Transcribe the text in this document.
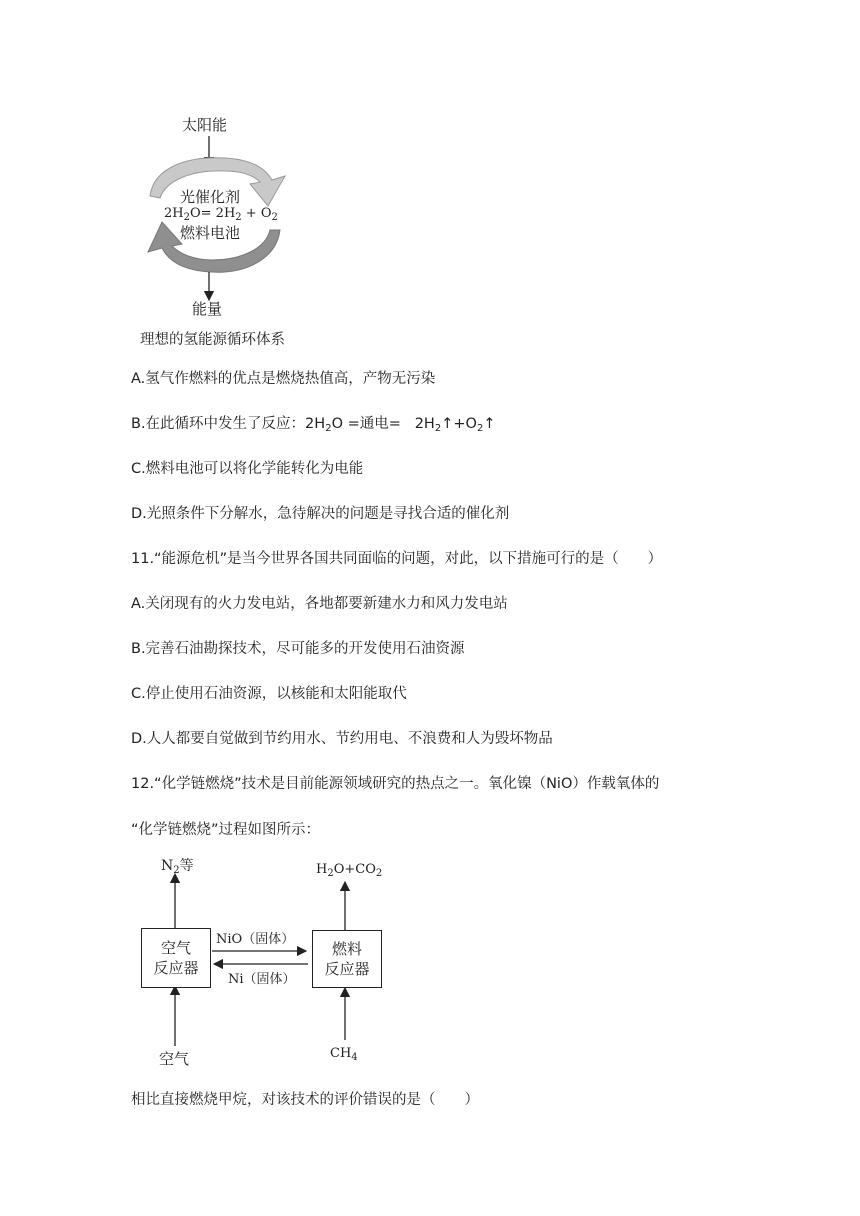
太阳能
光催化剂
$2H_2O= 2H_2 + O_2$
燃料电池
能量
理想的氢能源循环体系
A.氢气作燃料的优点是燃烧热值高，产物无污染
B.在此循环中发生了反应：$2H_2O$ =通电=   $2H_2↑+O_2↑$
C.燃料电池可以将化学能转化为电能
D.光照条件下分解水，急待解决的问题是寻找合适的催化剂
11.“能源危机”是当今世界各国共同面临的问题，对此，以下措施可行的是（　　）
A.关闭现有的火力发电站，各地都要新建水力和风力发电站
B.完善石油勘探技术，尽可能多的开发使用石油资源
C.停止使用石油资源，以核能和太阳能取代
D.人人都要自觉做到节约用水、节约用电、不浪费和人为毁坏物品
12.“化学链燃烧”技术是目前能源领域研究的热点之一。氧化镍（NiO）作载氧体的
“化学链燃烧”过程如图所示：
$N_2$等	$H_2O+CO_2$
空气
反应器
燃料
反应器
NiO（固体）
Ni（固体）
空气	$CH_4$
相比直接燃烧甲烷，对该技术的评价错误的是（　　）
